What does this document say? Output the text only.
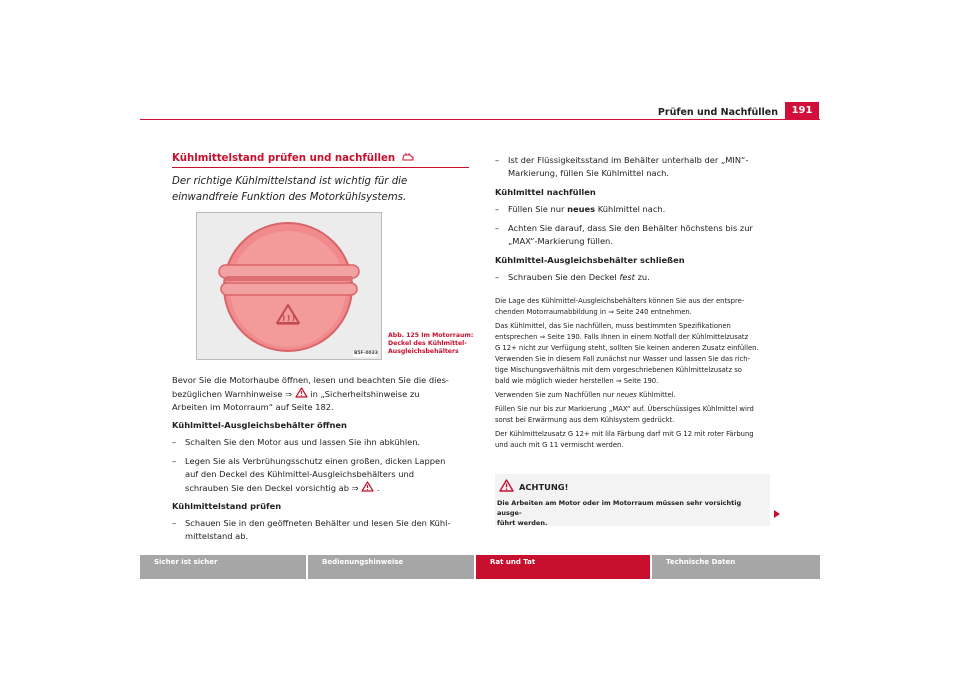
Prüfen und Nachfüllen	191
Kühlmittelstand prüfen und nachfüllen
Der richtige Kühlmittelstand ist wichtig für die einwandfreie Funktion des Motorkühlsystems.
B5F-0033
Abb. 125 Im Motorraum:
Deckel des Kühlmittel-
Ausgleichsbehälters
Bevor Sie die Motorhaube öffnen, lesen und beachten Sie die dies-
bezüglichen Warnhinweise ⇒ in „Sicherheitshinweise zu
Arbeiten im Motorraum“ auf Seite 182.
Kühlmittel-Ausgleichsbehälter öffnen
– Schalten Sie den Motor aus und lassen Sie ihn abkühlen.
– Legen Sie als Verbrühungsschutz einen großen, dicken Lappen
auf den Deckel des Kühlmittel-Ausgleichsbehälters und
schrauben Sie den Deckel vorsichtig ab ⇒ .
Kühlmittelstand prüfen
– Schauen Sie in den geöffneten Behälter und lesen Sie den Kühl-
mittelstand ab.
– Ist der Flüssigkeitsstand im Behälter unterhalb der „MIN“-
Markierung, füllen Sie Kühlmittel nach.
Kühlmittel nachfüllen
– Füllen Sie nur neues Kühlmittel nach.
– Achten Sie darauf, dass Sie den Behälter höchstens bis zur
„MAX“-Markierung füllen.
Kühlmittel-Ausgleichsbehälter schließen
– Schrauben Sie den Deckel fest zu.
Die Lage des Kühlmittel-Ausgleichsbehälters können Sie aus der entspre-
chenden Motorraumabbildung in ⇒ Seite 240 entnehmen.
Das Kühlmittel, das Sie nachfüllen, muss bestimmten Spezifikationen
entsprechen ⇒ Seite 190. Falls Ihnen in einem Notfall der Kühlmittelzusatz
G 12+ nicht zur Verfügung steht, sollten Sie keinen anderen Zusatz einfüllen.
Verwenden Sie in diesem Fall zunächst nur Wasser und lassen Sie das rich-
tige Mischungsverhältnis mit dem vorgeschriebenen Kühlmittelzusatz so
bald wie möglich wieder herstellen ⇒ Seite 190.
Verwenden Sie zum Nachfüllen nur neues Kühlmittel.
Füllen Sie nur bis zur Markierung „MAX“ auf. Überschüssiges Kühlmittel wird
sonst bei Erwärmung aus dem Kühlsystem gedrückt.
Der Kühlmittelzusatz G 12+ mit lila Färbung darf mit G 12 mit roter Färbung
und auch mit G 11 vermischt werden.
ACHTUNG!
Die Arbeiten am Motor oder im Motorraum müssen sehr vorsichtig ausge-
führt werden.
Sicher ist sicher	Bedienungshinweise	Rat und Tat	Technische Daten
